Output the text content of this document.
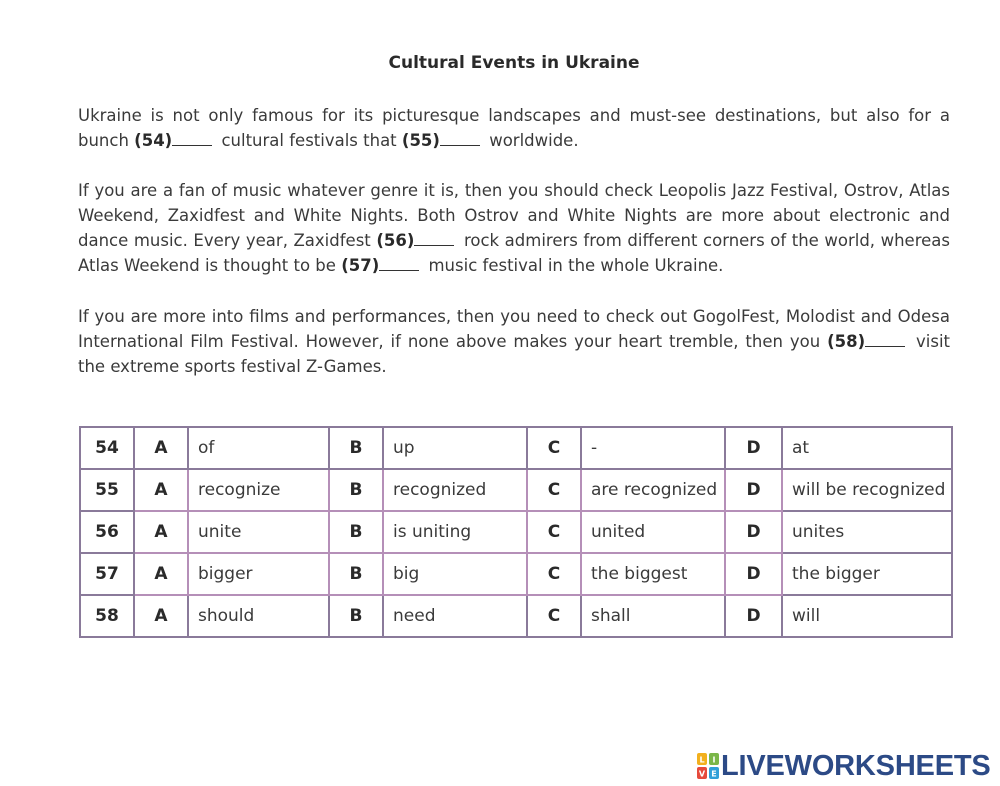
Cultural Events in Ukraine

Ukraine is not only famous for its picturesque landscapes and must-see destinations, but also for a bunch (54)	cultural festivals that (55)	worldwide.

If you are a fan of music whatever genre it is, then you should check Leopolis Jazz Festival, Ostrov, Atlas Weekend, Zaxidfest and White Nights. Both Ostrov and White Nights are more about electronic and dance music. Every year, Zaxidfest (56)	rock admirers from different corners of the world, whereas Atlas Weekend is thought to be (57)	music festival in the whole Ukraine.

If you are more into films and performances, then you need to check out GogolFest, Molodist and Odesa International Film Festival. However, if none above makes your heart tremble, then you (58)	visit the extreme sports festival Z-Games.

54	A	of	B	up	C	-	D	at
55	A	recognize	B	recognized	C	are recognized	D	will be recognized
56	A	unite	B	is uniting	C	united	D	unites
57	A	bigger	B	big	C	the biggest	D	the bigger
58	A	should	B	need	C	shall	D	will
L I
V E LIVEWORKSHEETS
